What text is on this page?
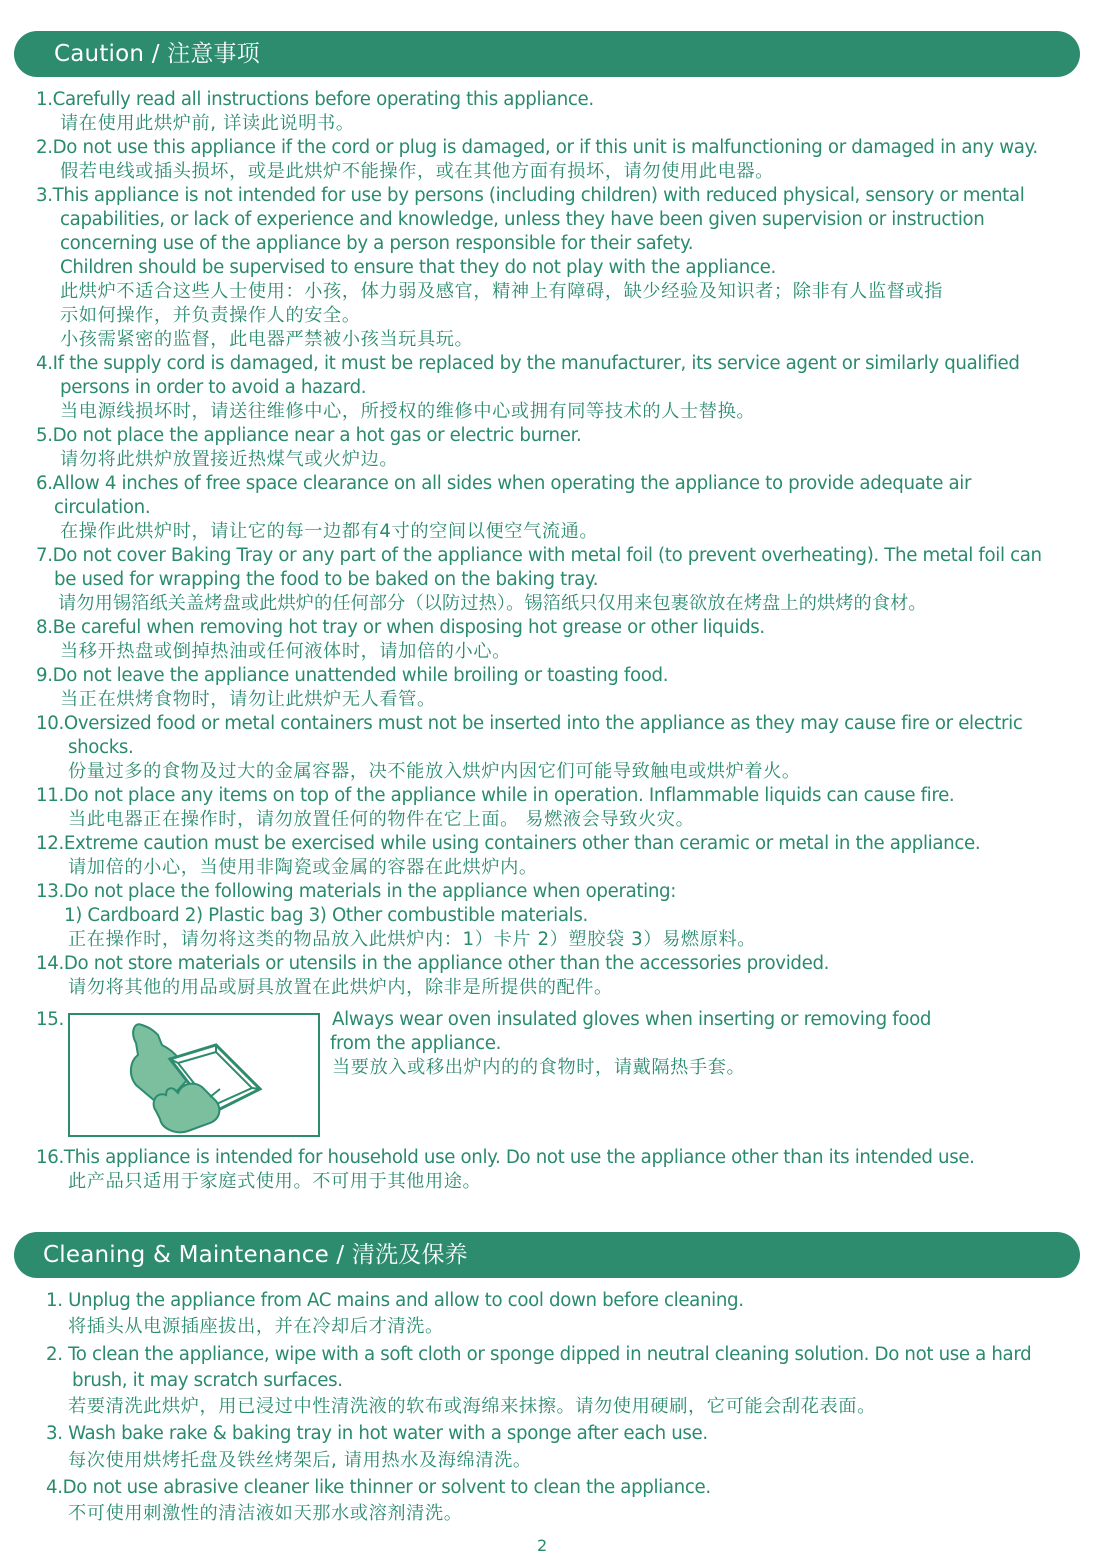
Caution / 注意事项
1.Carefully read all instructions before operating this appliance.
请在使用此烘炉前, 详读此说明书。
2.Do not use this appliance if the cord or plug is damaged, or if this unit is malfunctioning or damaged in any way.
假若电线或插头损坏，或是此烘炉不能操作，或在其他方面有损坏，请勿使用此电器。
3.This appliance is not intended for use by persons (including children) with reduced physical, sensory or mental
capabilities, or lack of experience and knowledge, unless they have been given supervision or instruction
concerning use of the appliance by a person responsible for their safety.
Children should be supervised to ensure that they do not play with the appliance.
此烘炉不适合这些人士使用：小孩，体力弱及感官，精神上有障碍，缺少经验及知识者；除非有人监督或指
示如何操作，并负责操作人的安全。
小孩需紧密的监督，此电器严禁被小孩当玩具玩。
4.If the supply cord is damaged, it must be replaced by the manufacturer, its service agent or similarly qualified
persons in order to avoid a hazard.
当电源线损坏时，请送往维修中心，所授权的维修中心或拥有同等技术的人士替换。
5.Do not place the appliance near a hot gas or electric burner.
请勿将此烘炉放置接近热煤气或火炉边。
6.Allow 4 inches of free space clearance on all sides when operating the appliance to provide adequate air
circulation.
在操作此烘炉时，请让它的每一边都有4寸的空间以便空气流通。
7.Do not cover Baking Tray or any part of the appliance with metal foil (to prevent overheating). The metal foil can
be used for wrapping the food to be baked on the baking tray.
请勿用锡箔纸关盖烤盘或此烘炉的任何部分（以防过热）。锡箔纸只仅用来包裹欲放在烤盘上的烘烤的食材。
8.Be careful when removing hot tray or when disposing hot grease or other liquids.
当移开热盘或倒掉热油或任何液体时，请加倍的小心。
9.Do not leave the appliance unattended while broiling or toasting food.
当正在烘烤食物时，请勿让此烘炉无人看管。
10.Oversized food or metal containers must not be inserted into the appliance as they may cause fire or electric
shocks.
份量过多的食物及过大的金属容器，决不能放入烘炉内因它们可能导致触电或烘炉着火。
11.Do not place any items on top of the appliance while in operation. Inflammable liquids can cause fire.
当此电器正在操作时，请勿放置任何的物件在它上面。 易燃液会导致火灾。
12.Extreme caution must be exercised while using containers other than ceramic or metal in the appliance.
请加倍的小心，当使用非陶瓷或金属的容器在此烘炉内。
13.Do not place the following materials in the appliance when operating:
1) Cardboard 2) Plastic bag 3) Other combustible materials.
正在操作时，请勿将这类的物品放入此烘炉内：1）卡片 2）塑胶袋 3）易燃原料。
14.Do not store materials or utensils in the appliance other than the accessories provided.
请勿将其他的用品或厨具放置在此烘炉内，除非是所提供的配件。
15.	Always wear oven insulated gloves when inserting or removing food
from the appliance.
当要放入或移出炉内的的食物时，请戴隔热手套。
16.This appliance is intended for household use only. Do not use the appliance other than its intended use.
此产品只适用于家庭式使用。不可用于其他用途。
Cleaning & Maintenance / 清洗及保养
1. Unplug the appliance from AC mains and allow to cool down before cleaning.
将插头从电源插座拔出，并在冷却后才清洗。
2. To clean the appliance, wipe with a soft cloth or sponge dipped in neutral cleaning solution. Do not use a hard
brush, it may scratch surfaces.
若要清洗此烘炉，用已浸过中性清洗液的软布或海绵来抹擦。请勿使用硬刷，它可能会刮花表面。
3. Wash bake rake & baking tray in hot water with a sponge after each use.
每次使用烘烤托盘及铁丝烤架后, 请用热水及海绵清洗。
4.Do not use abrasive cleaner like thinner or solvent to clean the appliance.
不可使用刺激性的清洁液如天那水或溶剂清洗。
2
